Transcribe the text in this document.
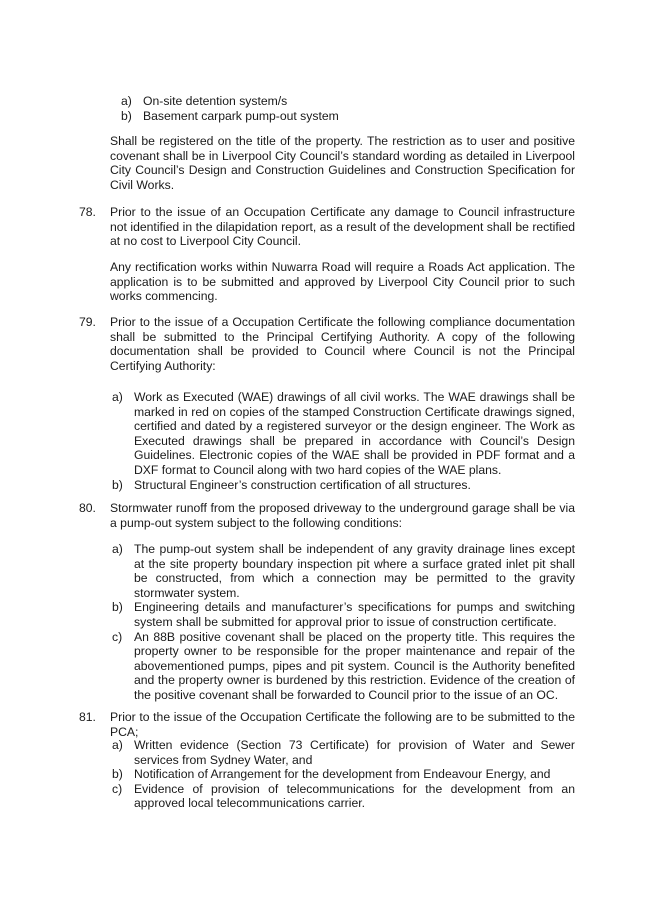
a) On-site detention system/s
b) Basement carpark pump-out system
Shall be registered on the title of the property. The restriction as to user and positive covenant shall be in Liverpool City Council’s standard wording as detailed in Liverpool City Council’s Design and Construction Guidelines and Construction Specification for Civil Works.
78. Prior to the issue of an Occupation Certificate any damage to Council infrastructure not identified in the dilapidation report, as a result of the development shall be rectified at no cost to Liverpool City Council.
Any rectification works within Nuwarra Road will require a Roads Act application. The application is to be submitted and approved by Liverpool City Council prior to such works commencing.
79. Prior to the issue of a Occupation Certificate the following compliance documentation shall be submitted to the Principal Certifying Authority. A copy of the following documentation shall be provided to Council where Council is not the Principal Certifying Authority:
a) Work as Executed (WAE) drawings of all civil works. The WAE drawings shall be marked in red on copies of the stamped Construction Certificate drawings signed, certified and dated by a registered surveyor or the design engineer. The Work as Executed drawings shall be prepared in accordance with Council’s Design Guidelines. Electronic copies of the WAE shall be provided in PDF format and a DXF format to Council along with two hard copies of the WAE plans.
b) Structural Engineer’s construction certification of all structures.
80. Stormwater runoff from the proposed driveway to the underground garage shall be via a pump-out system subject to the following conditions:
a) The pump-out system shall be independent of any gravity drainage lines except at the site property boundary inspection pit where a surface grated inlet pit shall be constructed, from which a connection may be permitted to the gravity stormwater system.
b) Engineering details and manufacturer’s specifications for pumps and switching system shall be submitted for approval prior to issue of construction certificate.
c) An 88B positive covenant shall be placed on the property title. This requires the property owner to be responsible for the proper maintenance and repair of the abovementioned pumps, pipes and pit system. Council is the Authority benefited and the property owner is burdened by this restriction. Evidence of the creation of the positive covenant shall be forwarded to Council prior to the issue of an OC.
81. Prior to the issue of the Occupation Certificate the following are to be submitted to the PCA;
a) Written evidence (Section 73 Certificate) for provision of Water and Sewer services from Sydney Water, and
b) Notification of Arrangement for the development from Endeavour Energy, and
c) Evidence of provision of telecommunications for the development from an approved local telecommunications carrier.
